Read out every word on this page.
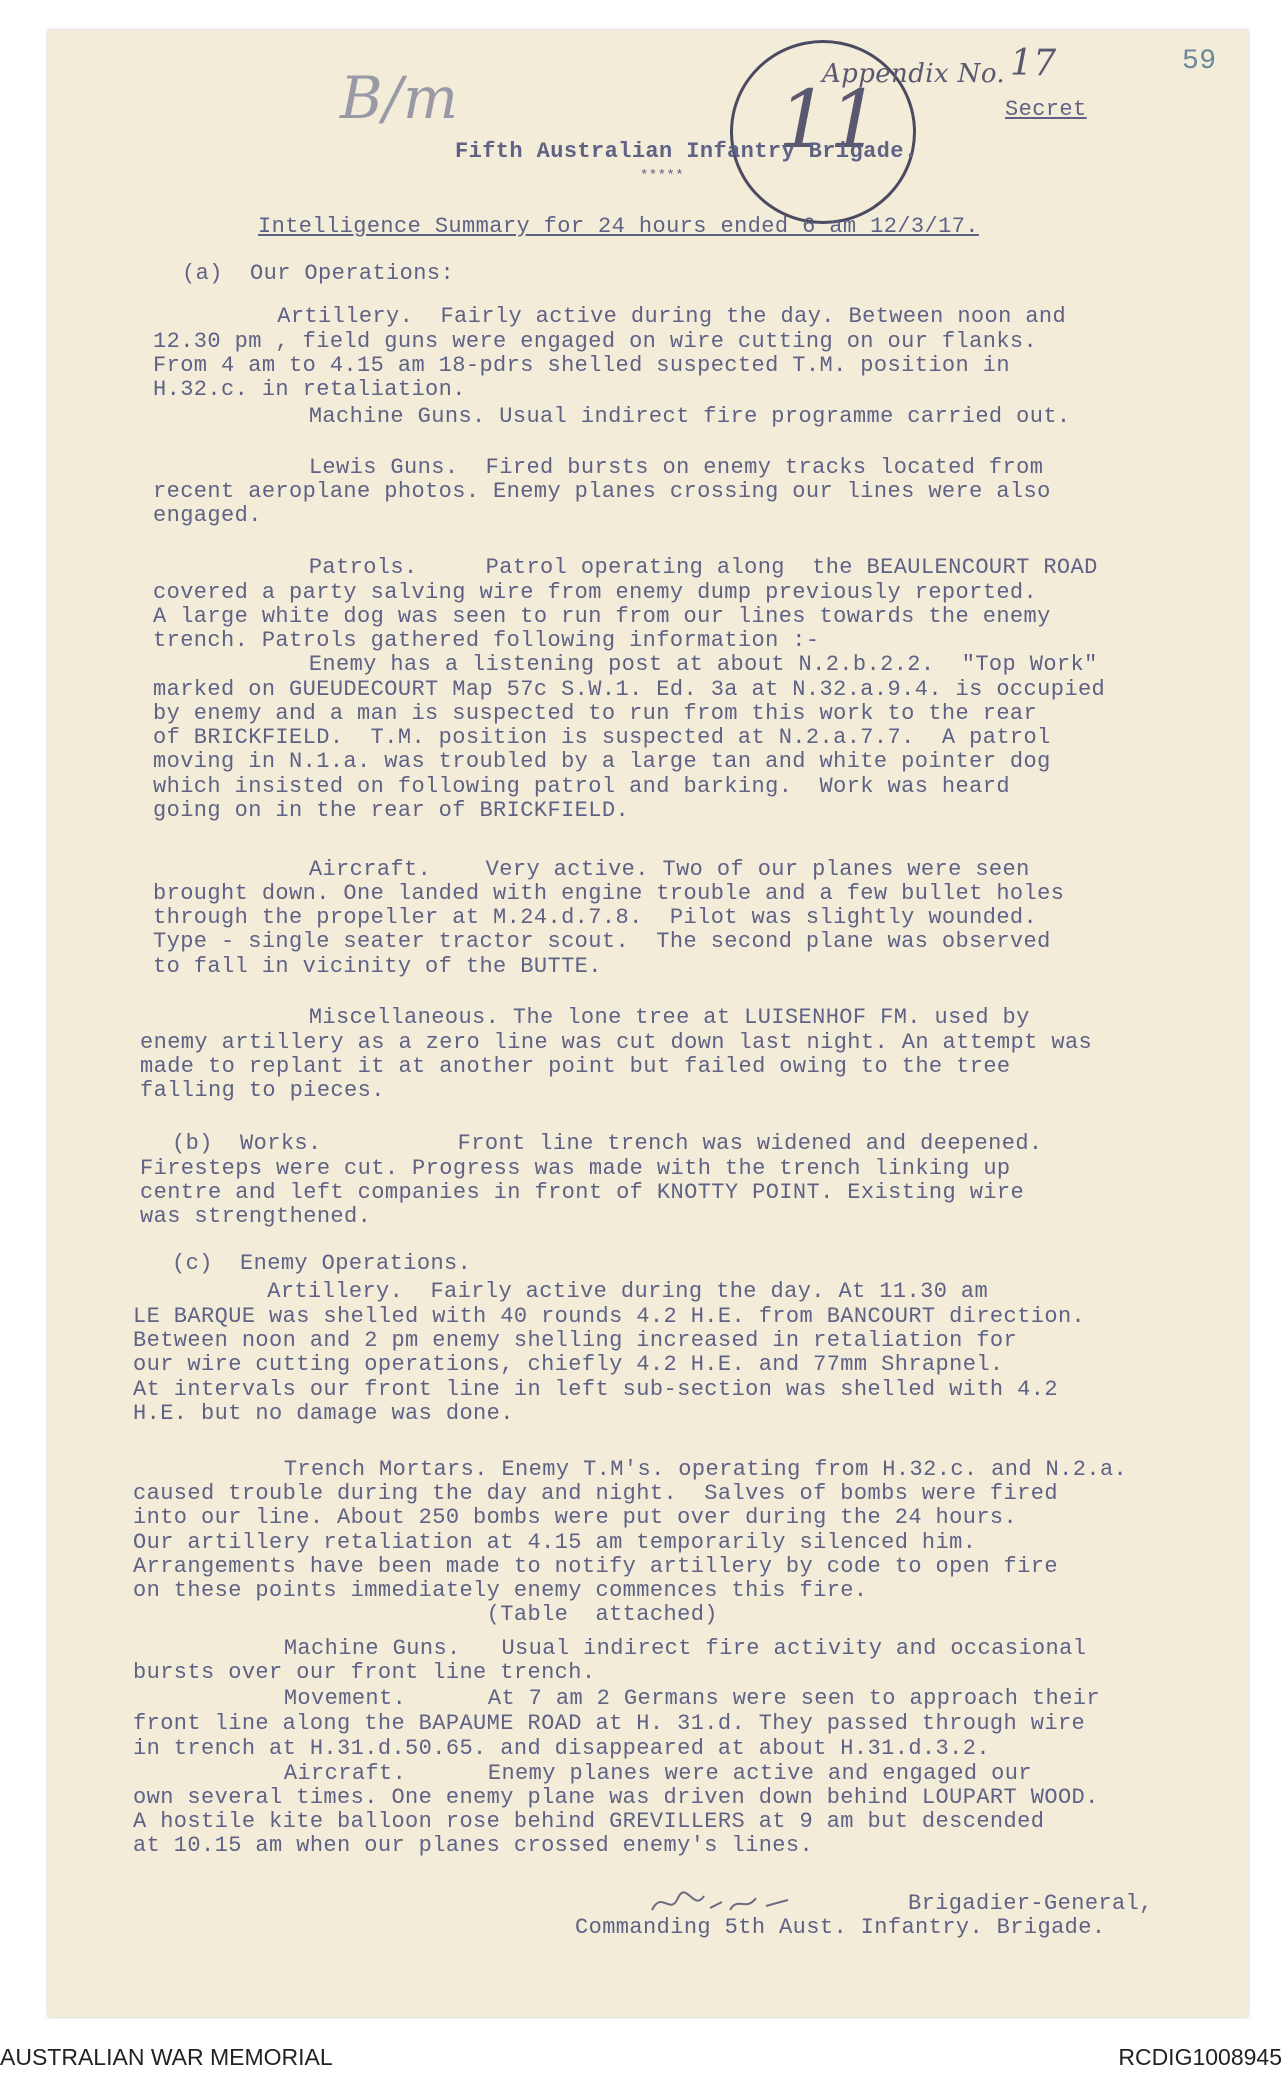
11
Appendix No. 17	59
B/m	Secret
Fifth Australian Infantry Brigade.
*****
Intelligence Summary for 24 hours ended 6 am 12/3/17.
(a)  Our Operations:
Artillery.  Fairly active during the day. Between noon and
12.30 pm , field guns were engaged on wire cutting on our flanks.
From 4 am to 4.15 am 18-pdrs shelled suspected T.M. position in
H.32.c. in retaliation.
Machine Guns. Usual indirect fire programme carried out.
Lewis Guns.  Fired bursts on enemy tracks located from
recent aeroplane photos. Enemy planes crossing our lines were also
engaged.
Patrols.     Patrol operating along  the BEAULENCOURT ROAD
covered a party salving wire from enemy dump previously reported.
A large white dog was seen to run from our lines towards the enemy
trench. Patrols gathered following information :-
Enemy has a listening post at about N.2.b.2.2.  "Top Work"
marked on GUEUDECOURT Map 57c S.W.1. Ed. 3a at N.32.a.9.4. is occupied
by enemy and a man is suspected to run from this work to the rear
of BRICKFIELD.  T.M. position is suspected at N.2.a.7.7.  A patrol
moving in N.1.a. was troubled by a large tan and white pointer dog
which insisted on following patrol and barking.  Work was heard
going on in the rear of BRICKFIELD.
Aircraft.    Very active. Two of our planes were seen
brought down. One landed with engine trouble and a few bullet holes
through the propeller at M.24.d.7.8.  Pilot was slightly wounded.
Type - single seater tractor scout.  The second plane was observed
to fall in vicinity of the BUTTE.
Miscellaneous. The lone tree at LUISENHOF FM. used by
enemy artillery as a zero line was cut down last night. An attempt was
made to replant it at another point but failed owing to the tree
falling to pieces.
(b)  Works.          Front line trench was widened and deepened.
Firesteps were cut. Progress was made with the trench linking up
centre and left companies in front of KNOTTY POINT. Existing wire
was strengthened.
(c)  Enemy Operations.
Artillery.  Fairly active during the day. At 11.30 am
LE BARQUE was shelled with 40 rounds 4.2 H.E. from BANCOURT direction.
Between noon and 2 pm enemy shelling increased in retaliation for
our wire cutting operations, chiefly 4.2 H.E. and 77mm Shrapnel.
At intervals our front line in left sub-section was shelled with 4.2
H.E. but no damage was done.
Trench Mortars. Enemy T.M's. operating from H.32.c. and N.2.a.
caused trouble during the day and night.  Salves of bombs were fired
into our line. About 250 bombs were put over during the 24 hours.
Our artillery retaliation at 4.15 am temporarily silenced him.
Arrangements have been made to notify artillery by code to open fire
on these points immediately enemy commences this fire.
(Table  attached)
Machine Guns.   Usual indirect fire activity and occasional
bursts over our front line trench.
Movement.      At 7 am 2 Germans were seen to approach their
front line along the BAPAUME ROAD at H. 31.d. They passed through wire
in trench at H.31.d.50.65. and disappeared at about H.31.d.3.2.
Aircraft.      Enemy planes were active and engaged our
own several times. One enemy plane was driven down behind LOUPART WOOD.
A hostile kite balloon rose behind GREVILLERS at 9 am but descended
at 10.15 am when our planes crossed enemy's lines.
Brigadier-General,
Commanding 5th Aust. Infantry. Brigade.
AUSTRALIAN WAR MEMORIAL	RCDIG1008945
